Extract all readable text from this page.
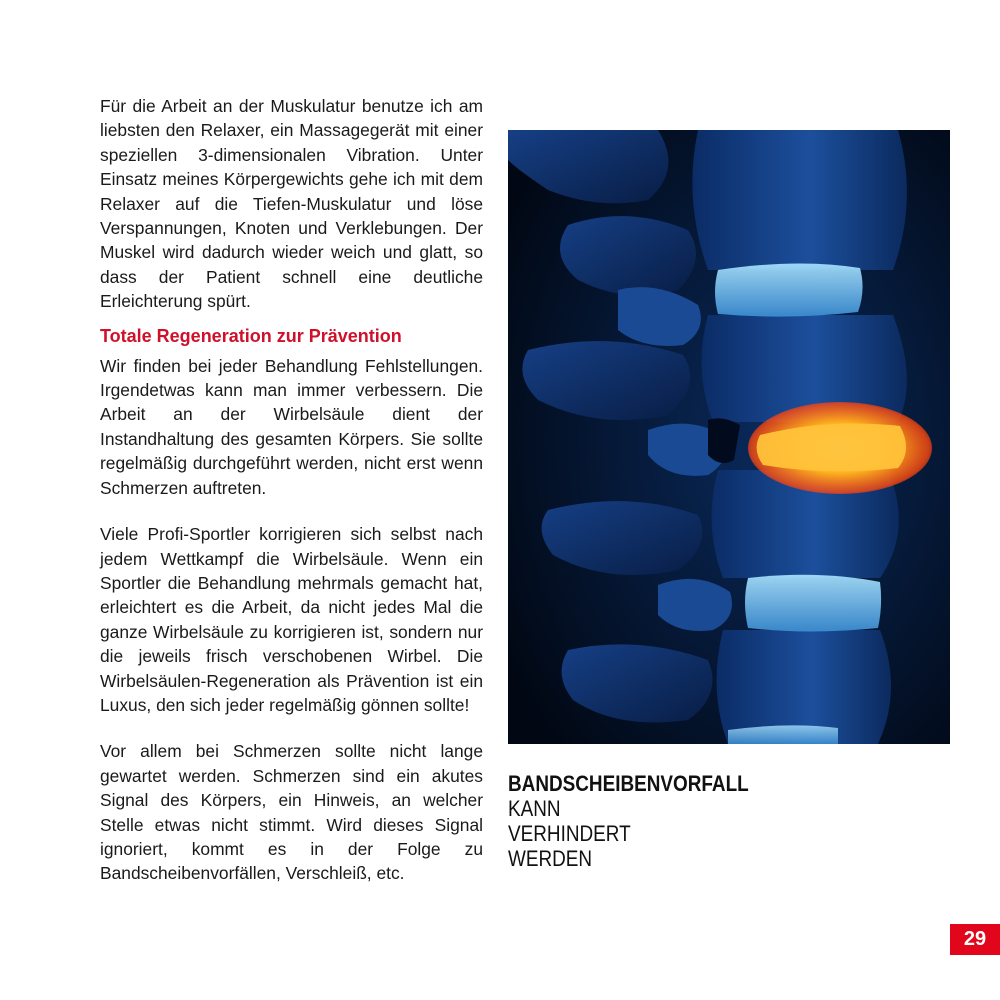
Für die Arbeit an der Muskulatur benutze ich am liebsten den Relaxer, ein Massagegerät mit einer speziellen 3-dimensionalen Vibration. Unter Einsatz meines Körpergewichts gehe ich mit dem Relaxer auf die Tiefen-Muskulatur und löse Verspannungen, Knoten und Verklebungen. Der Muskel wird dadurch wieder weich und glatt, so dass der Patient schnell eine deutliche Erleichterung spürt.

Totale Regeneration zur Prävention

Wir finden bei jeder Behandlung Fehlstellungen. Irgendetwas kann man immer verbessern. Die Arbeit an der Wirbelsäule dient der Instandhaltung des gesamten Körpers. Sie sollte regelmäßig durchgeführt werden, nicht erst wenn Schmerzen auftreten.

Viele Profi-Sportler korrigieren sich selbst nach jedem Wettkampf die Wirbelsäule. Wenn ein Sportler die Behandlung mehrmals gemacht hat, erleichtert es die Arbeit, da nicht jedes Mal die ganze Wirbelsäule zu korrigieren ist, sondern nur die jeweils frisch verschobenen Wirbel. Die Wirbelsäulen-Regeneration als Prävention ist ein Luxus, den sich jeder regelmäßig gönnen sollte!

Vor allem bei Schmerzen sollte nicht lange gewartet werden. Schmerzen sind ein akutes Signal des Körpers, ein Hinweis, an welcher Stelle etwas nicht stimmt. Wird dieses Signal ignoriert, kommt es in der Folge zu Bandscheibenvorfällen, Verschleiß, etc.

BANDSCHEIBENVORFALL
KANN
VERHINDERT
WERDEN
29
